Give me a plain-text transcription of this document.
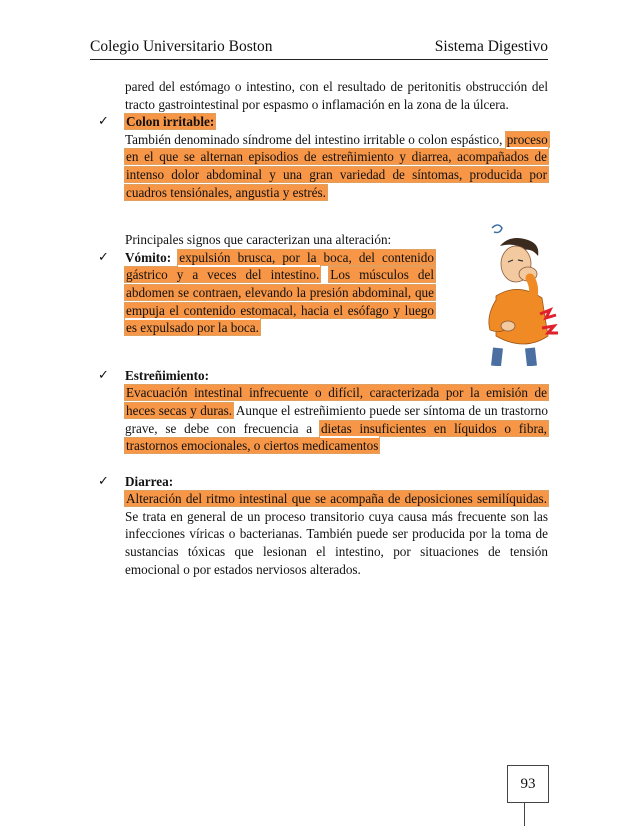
Colegio Universitario Boston	Sistema Digestivo

pared del estómago o intestino, con el resultado de peritonitis obstrucción del tracto gastrointestinal por espasmo o inflamación en la zona de la úlcera.

✓ Colon irritable:
También denominado síndrome del intestino irritable o colon espástico, proceso en el que se alternan episodios de estreñimiento y diarrea, acompañados de intenso dolor abdominal y una gran variedad de síntomas, producida por cuadros tensiónales, angustia y estrés.

Principales signos que caracterizan una alteración:

✓ Vómito: expulsión brusca, por la boca, del contenido gástrico y a veces del intestino. Los músculos del abdomen se contraen, elevando la presión abdominal, que empuja el contenido estomacal, hacia el esófago y luego es expulsado por la boca.
✓ Estreñimiento:
Evacuación intestinal infrecuente o difícil, caracterizada por la emisión de heces secas y duras. Aunque el estreñimiento puede ser síntoma de un trastorno grave, se debe con frecuencia a dietas insuficientes en líquidos o fibra, trastornos emocionales, o ciertos medicamentos
✓ Diarrea:
Alteración del ritmo intestinal que se acompaña de deposiciones semilíquidas. Se trata en general de un proceso transitorio cuya causa más frecuente son las infecciones víricas o bacterianas. También puede ser producida por la toma de sustancias tóxicas que lesionan el intestino, por situaciones de tensión emocional o por estados nerviosos alterados.
93
